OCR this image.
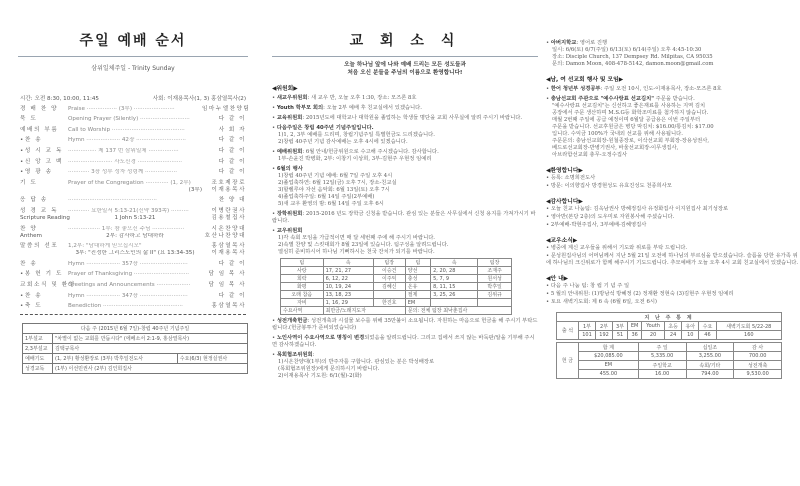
주일 예배 순서
삼위일체주일 - Trinity Sunday
시간: 오전 8:30, 10:00, 11:45	사회: 이재용목사(1, 3) 홍삼열목사(2)
경 배 찬 양	Praise ················· (3부) ·······················	임마누엘찬양팀
묵 도	Opening Prayer (Silently) ····························	다 같 이
예배의 부름	Call to Worship ·········································	사 회 자
•찬 송	Hymn ··················· 42장 ····························	다 같 이
•성 시 교 독 ················ 제 137 번 삼위일체 ·················	다 같 이
•신 앙 고 백 ························· 사도신경 ·························	다 같 이
•영 광 송	············ 3장 성부 성자 성령께 ··················	다 같 이
기 도	Prayer of the Congregation ············· (1, 2부)	조호제장로
(3부)	이재용목사
응 답 송	··················································	찬 양 대
성 경 교 독	············ 요한일서 5:13-21(신약 393쪽) ··········	이병란권사
Scripture Reading	1 John 5:13-21	김용철집사
찬 양	·················· 1부: 참 좋으신 주님 ··················	시온찬양대
Anthem	2부: 감사하고 담대하라	호산나찬양대
말씀의 선포	1,2부: "담대하게 믿으십시오"	홍삼열목사
3부: "진정한 그리스도인의 삶 II" (요 13:34-35)	이재용목사
찬 송	Hymn ··················· 357장 ···························	다 같 이
•봉 헌 기 도 Prayer of Thanksgiving ·······························	담 임 목 사
교회소식 및 환영
Greetings and Announcements ···················	담 임 목 사
•찬 송	Hymn ··················· 347장 ···························	다 같 이
•축 도	Benediction ·············································	홍삼열목사
다음 주 (2015년 6월 7일)-창립 40주년 기념주일		
1부설교	"차별이 없는 교회를 만듭시다" (에베소서 2:1-9, 홍삼열목사)	
2,3부설교	김택규목사	
예배기도	(1, 2부) 황성환장로 (3부) 박후일전도사	수요(6/3) 현정실권사
성경교독	(1부) 이선민권사 (2부) 김인희집사	
교 회 소 식
오늘 하나님 앞에 나와 예배 드리는 모든 성도들과
처음 오신 분들을 주님의 이름으로 환영합니다!
◀위원회▶
• 새교우위원회: 새 교우 반, 오늘 오후 1:30, 장소: 모즈론 8호
• Youth 학부모 회의: 오늘 2부 예배 후 친교실에서 있겠습니다.
• 교육위원회: 2015년도에 대학교나 대학원을 졸업하는 학생들 명단을 교회 사무실에 알려 주시기 바랍니다.
• 다음주일은 창립 40주년 기념주일입니다.
1)1, 2, 3부 예배를 드리며, 창립기념주일 특별헌금도 드리겠습니다.
2)창립 40주년 기념 감사예배는 오후 4시에 있겠습니다.
• 예배위원회: 6월 안내/헌금위원으로 수고해 주시겠습니다. 감사합니다.
1부-손윤진 박병화, 2부: 이창기 이상희, 3부-김현주 우현정 임예리
• 6월의 행사
1)창립 40주년 기념 예배: 6월 7일 주일 오후 4시
2)졸업축하연: 6월 12일(금) 오후 7시, 장소-친교실
3)할렐루야 자선 음악회: 6월 13일(토) 오후 7시
4)졸업축하주일: 6월 14일 주일(2부예배)
5)새 교우 환영의 밤: 6월 14일 주일 오후 6시
• 장학위원회: 2015-2016 년도 장학금 신청을 받습니다. 관심 있는 분들은 사무실에서 신청 용지를 가져가시기 바랍니다.
• 교우위원회
1)각 속회 모임을 가급적이면 매 달 세번째 주에 해 주시기 바랍니다.
2)속별 찬양 및 스킷대회가 8월 23일에 있습니다. 팀구성을 알려드립니다.
열심히 준비하시어 하나님 기뻐하시는 천국 잔치가 되기를 바랍니다.
팀	속	팀장	팀	속	팀장
사랑	17, 21, 27	이승건	양선	2, 20, 28	조재주
희락	6, 12, 22	이주익	충성	5, 7, 9	원서성
화평	10, 19, 24	김혜신	온유	8, 11, 15	박후일
오래 참음	13, 18, 23		절제	3, 25, 26	김위규
자비	1, 16, 29	한진호	EM		
수요사역	최만금/노래지도자		문의: 전체 팀장 최낙춘집사		
• 성전개축헌금: 성전개축과 시설물 보수를 위해 35만불이 소요됩니다. 자원하는 마음으로 헌금을 해 주시기 부탁드립니다.(헌금봉투가 준비되었습니다)
• 노인사역이 수요사역으로 명칭이 변경되었음을 알려드립니다. 그리고 집에서 쓰지 않는 바둑판/알을 기부해 주시면 감사하겠습니다.
• 목회협조위원회:
1)시온찬양대(1부)의 반주자를 구합니다. 관심있는 분은 박성배장로
(목회협조위원장)에게 문의하시기 바랍니다.
2)이재용목사 기도원: 6/1(월)-2(화)
• 아버지학교: 영어로 진행
일시: 6/6(토) 6/7(주일) 6/13(토) 6/14(주일) 오후 4:45-10:30
장소: Disciple Church, 137 Dempsey Rd. Milpitas, CA 95035
문의: Damon Moon, 408-478-5142, damon.moon@gmail.com
◀남, 여 선교회 행사 및 모임▶
• 한어 청년부 성경공부: 주일 오전 10시, 인도-이재용목사, 장소-모즈론 8호
• 충남선교회 주관으로 "예수사랑표 선교김치" 주문을 받습니다.
"예수사랑표 선교김치"는 신선하고 좋은재료를 사용하는 지역 김치
공장에서 주문 생산하며 M.S.G등 화학조미료를 첨가하지 않습니다.
매월 2번째 주일에 공급 예정이며 6월달 공급용은 이번 주일부터
주문을 받습니다. 선교후원금은 병당 막김치: $16.00/통김치: $17.00
입니다. 수익금 100%가 국내외 선교를 위해 사용됩니다.
주문문의: 충남선교회장-원철종장로, 이삭선교회 부회장-장용성권사,
베드로선교회장-반병기권사, 바울선교회장-이무생집사,
아브라함선교회 총무-오정수집사
◀환영합니다▶
• 등록: 소명희전도사
• 방문: 이의향집사 방경현성도 유효진성도 천종희사모
◀감사합니다▶
• 오늘 친교 나눔팀: 김옥남권사 방혜정집사 유정화집사 이지원집사 최기성장로
• 영아반(본당 2층)의 도우미로 자원봉사해 주셨습니다.
• 2부예배-박현주집사, 3부예배-김혜영집사
◀교우소식▶
• 병중에 계신 교우들을 위해서 기도와 위로를 부탁 드립니다.
• 문성원집사님의 어머님께서 지난 5월 21일 오전에 하나님의 부르심을 받으셨습니다. 슬픔을 당한 유가족 위에 하나님의 크신위로가 함께 해주시기 기도드립니다. 추모예배가 오늘 오후 4시 교회 친교실에서 있겠습니다.
◀안 내▶
• 다음 주 나눔 팀: 창 립 기 념 주 일
• 5 월의 안내위원: (1)방남석 방혜정 (2) 정재환 정현숙 (3)김현주 우현정 임예리
• 토요 새벽기도회: 제 6 속 (6월 6일, 오전 6시)
지 난 주 통 계									
출 석	1부	2부	3부	EM	Youth	초등	유아	수요	새벽기도회 5/22-28
	101	192	51	36	20	24	10	46	160
헌 금	합 계	주 일	십일조	감 사
	$20,085.00	5,335.00	3,255.00	700.00
	EM	주일학교	속회/기타	성전개축
	455.00	16.00	794.00	9,530.00
